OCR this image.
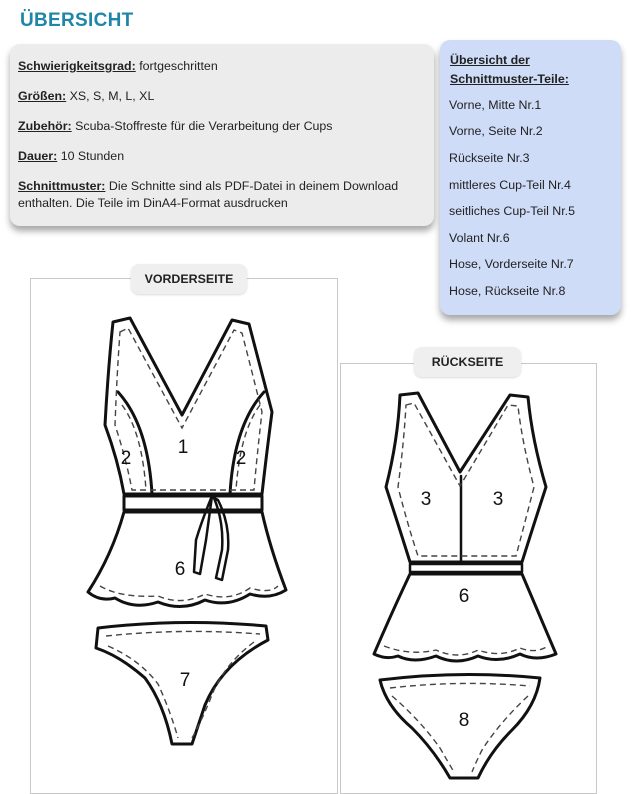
ÜBERSICHT

Schwierigkeitsgrad: fortgeschritten

Größen: XS, S, M, L, XL

Zubehör: Scuba-Stoffreste für die Verarbeitung der Cups

Dauer: 10 Stunden

Schnittmuster: Die Schnitte sind als PDF-Datei in deinem Download enthalten. Die Teile im DinA4-Format ausdrucken

Übersicht der Schnittmuster-Teile:
Vorne, Mitte Nr.1
Vorne, Seite Nr.2
Rückseite Nr.3
mittleres Cup-Teil Nr.4
seitliches Cup-Teil Nr.5
Volant Nr.6
Hose, Vorderseite Nr.7
Hose, Rückseite Nr.8
VORDERSEITE
RÜCKSEITE
1
2	2
6
7
3	3
6
8
